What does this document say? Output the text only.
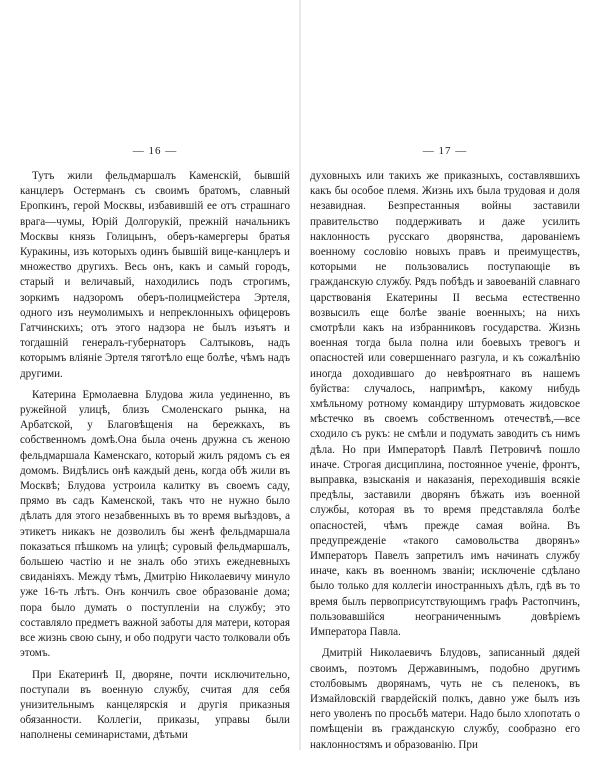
— 16 —

Тутъ жили фельдмаршалъ Каменскій, бывшій канцлеръ Остерманъ съ своимъ братомъ, славный Еропкинъ, герой Москвы, избавившій ее отъ страшнаго врага—чумы, Юрій Долгорукій, прежній начальникъ Москвы князь Голицынъ, оберъ-камергеры братья Куракины, изъ которыхъ одинъ бывшій вице-канцлеръ и множество другихъ. Весь онъ, какъ и самый городъ, старый и величавый, находились подъ строгимъ, зоркимъ надзоромъ оберъ-полицмейстера Эртеля, одного изъ неумолимыхъ и непреклонныхъ офицеровъ Гатчинскихъ; отъ этого надзора не былъ изъятъ и тогдашній генералъ-губернаторъ Салтыковъ, надъ которымъ вліяніе Эртеля тяготѣло еще болѣе, чѣмъ надъ другими.

Катерина Ермолаевна Блудова жила уединенно, въ ружейной улицѣ, близъ Смоленскаго рынка, на Арбатской, у Благовѣщенія на бережкахъ, въ собственномъ домѣ.Она была очень дружна съ женою фельдмаршала Каменскаго, который жилъ рядомъ съ ея домомъ. Видѣлись онѣ каждый день, когда обѣ жили въ Москвѣ; Блудова устроила калитку въ своемъ саду, прямо въ садъ Каменской, такъ что не нужно было дѣлать для этого незабвенныхъ въ то время выѣздовъ, а этикетъ никакъ не дозволилъ бы женѣ фельдмаршала показаться пѣшкомъ на улицѣ; суровый фельдмаршалъ, большею частію и не зналъ обо этихъ ежедневныхъ свиданіяхъ. Между тѣмъ, Дмитрію Николаевичу минуло уже 16-ть лѣтъ. Онъ кончилъ свое образованіе дома; пора было думать о поступленіи на службу; это составляло предметъ важной заботы для матери, которая все жизнь свою сыну, и обо подруги часто толковали объ этомъ.

При Екатеринѣ II, дворяне, почти исключительно, поступали въ военную службу, считая для себя унизительнымъ канцелярскія и другія приказныя обязанности. Коллегіи, приказы, управы были наполнены семинаристами, дѣтьми

— 17 —

духовныхъ или такихъ же приказныхъ, составлявшихъ какъ бы особое племя. Жизнь ихъ была трудовая и доля незавидная. Безпрестанныя войны заставили правительство поддерживать и даже усилить наклонность русскаго дворянства, дарованіемъ военному сословію новыхъ правъ и преимуществъ, которыми не пользовались поступающіе въ гражданскую службу. Рядъ побѣдъ и завоеваній славнаго царствованія Екатерины II весьма естественно возвысилъ еще болѣе званіе военныхъ; на нихъ смотрѣли какъ на избранниковъ государства. Жизнь военная тогда была полна или боевыхъ тревогъ и опасностей или совершеннаго разгула, и къ сожалѣнію иногда доходившаго до невѣроятнаго въ нашемъ буйства: случалось, напримѣръ, какому нибудь хмѣльному ротному командиру штурмовать жидовское мѣстечко въ своемъ собственномъ отечествѣ,—все сходило съ рукъ: не смѣли и подумать заводить съ нимъ дѣла. Но при Императорѣ Павлѣ Петровичѣ пошло иначе. Строгая дисциплина, постоянное ученіе, фронтъ, выправка, взысканія и наказанія, переходившія всякіе предѣлы, заставили дворянъ бѣжать изъ военной службы, которая въ то время представляла болѣе опасностей, чѣмъ прежде самая война. Въ предупрежденіе «такого самовольства дворянъ» Императоръ Павелъ запретилъ имъ начинать службу иначе, какъ въ военномъ званіи; исключеніе сдѣлано было только для коллегіи иностранныхъ дѣлъ, гдѣ въ то время былъ первоприсутствующимъ графъ Растопчинъ, пользовавшійся неограниченнымъ довѣріемъ Императора Павла.

Дмитрій Николаевичъ Блудовъ, записанный дядей своимъ, поэтомъ Державинымъ, подобно другимъ столбовымъ дворянамъ, чуть не съ пеленокъ, въ Измайловскій гвардейскій полкъ, давно уже былъ изъ него уволенъ по просьбѣ матери. Надо было хлопотать о помѣщеніи въ гражданскую службу, сообразно его наклонностямъ и образованію. При
